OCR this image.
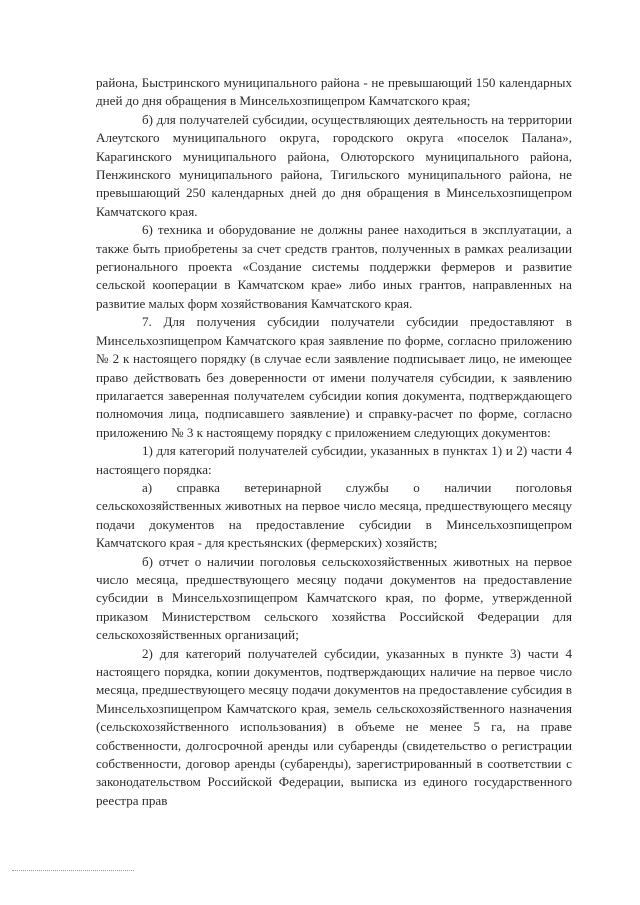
района, Быстринского муниципального района - не превышающий 150 календарных дней до дня обращения в Минсельхозпищепром Камчатского края;

б) для получателей субсидии, осуществляющих деятельность на территории Алеутского муниципального округа, городского округа «поселок Палана», Карагинского муниципального района, Олюторского муниципального района, Пенжинского муниципального района, Тигильского муниципального района, не превышающий 250 календарных дней до дня обращения в Минсельхозпищепром Камчатского края.

6) техника и оборудование не должны ранее находиться в эксплуатации, а также быть приобретены за счет средств грантов, полученных в рамках реализации регионального проекта «Создание системы поддержки фермеров и развитие сельской кооперации в Камчатском крае» либо иных грантов, направленных на развитие малых форм хозяйствования Камчатского края.

7. Для получения субсидии получатели субсидии предоставляют в Минсельхозпищепром Камчатского края заявление по форме, согласно приложению № 2 к настоящего порядку (в случае если заявление подписывает лицо, не имеющее право действовать без доверенности от имени получателя субсидии, к заявлению прилагается заверенная получателем субсидии копия документа, подтверждающего полномочия лица, подписавшего заявление) и справку-расчет по форме, согласно приложению № 3 к настоящему порядку с приложением следующих документов:

1) для категорий получателей субсидии, указанных в пунктах 1) и 2) части 4 настоящего порядка:

а) справка ветеринарной службы о наличии поголовья сельскохозяйственных животных на первое число месяца, предшествующего месяцу подачи документов на предоставление субсидии в Минсельхозпищепром Камчатского края - для крестьянских (фермерских) хозяйств;

б) отчет о наличии поголовья сельскохозяйственных животных на первое число месяца, предшествующего месяцу подачи документов на предоставление субсидии в Минсельхозпищепром Камчатского края, по форме, утвержденной приказом Министерством сельского хозяйства Российской Федерации для сельскохозяйственных организаций;

2) для категорий получателей субсидии, указанных в пункте 3) части 4 настоящего порядка, копии документов, подтверждающих наличие на первое число месяца, предшествующего месяцу подачи документов на предоставление субсидия в Минсельхозпищепром Камчатского края, земель сельскохозяйственного назначения (сельскохозяйственного использования) в объеме не менее 5 га, на праве собственности, долгосрочной аренды или субаренды (свидетельство о регистрации собственности, договор аренды (субаренды), зарегистрированный в соответствии с законодательством Российской Федерации, выписка из единого государственного реестра прав
